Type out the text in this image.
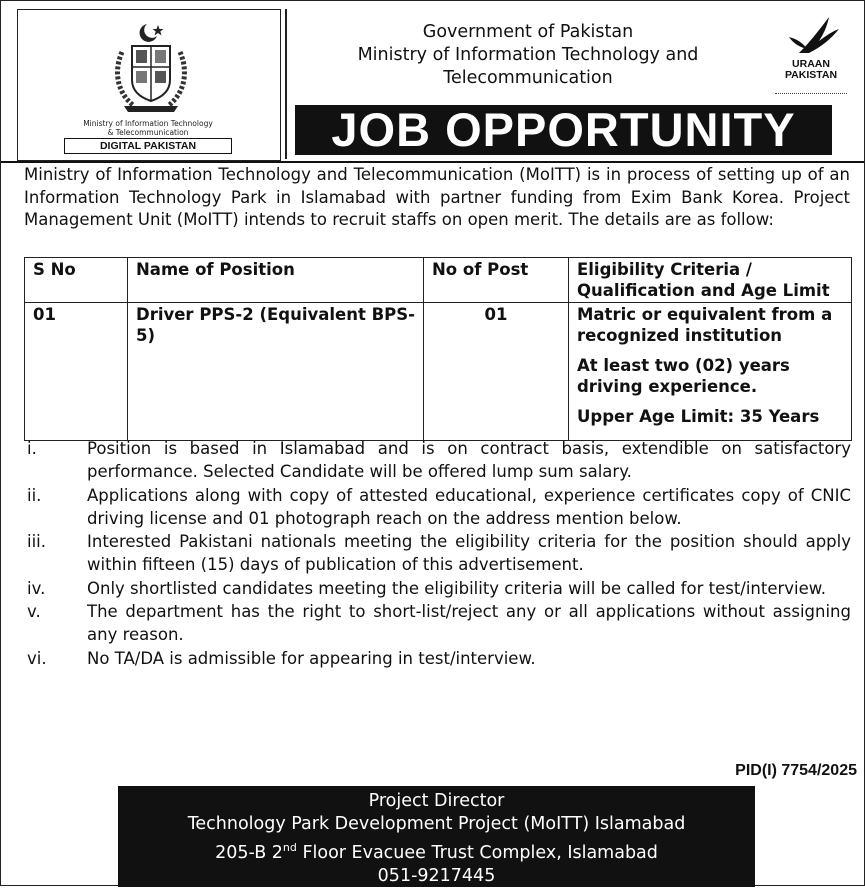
Ministry of Information Technology
& Telecommunication
DIGITAL PAKISTAN
Government of Pakistan
Ministry of Information Technology and
Telecommunication
URAAN
PAKISTAN
JOB OPPORTUNITY
Ministry of Information Technology and Telecommunication (MoITT) is in process of setting up of an Information Technology Park in Islamabad with partner funding from Exim Bank Korea. Project Management Unit (MoITT) intends to recruit staffs on open merit. The details are as follow:
S No	Name of Position	No of Post	Eligibility Criteria / Qualification and Age Limit
01	Driver PPS-2 (Equivalent BPS-5)	01	Matric or equivalent from a recognized institution

At least two (02) years driving experience.

Upper Age Limit: 35 Years

i.	Position is based in Islamabad and is on contract basis, extendible on satisfactory performance. Selected Candidate will be offered lump sum salary.
ii.	Applications along with copy of attested educational, experience certificates copy of CNIC driving license and 01 photograph reach on the address mention below.
iii.	Interested Pakistani nationals meeting the eligibility criteria for the position should apply within fifteen (15) days of publication of this advertisement.
iv.	Only shortlisted candidates meeting the eligibility criteria will be called for test/interview.
v.	The department has the right to short-list/reject any or all applications without assigning any reason.
vi.	No TA/DA is admissible for appearing in test/interview.
PID(I) 7754/2025
Project Director
Technology Park Development Project (MoITT) Islamabad
205-B 2nd Floor Evacuee Trust Complex, Islamabad
051-9217445
